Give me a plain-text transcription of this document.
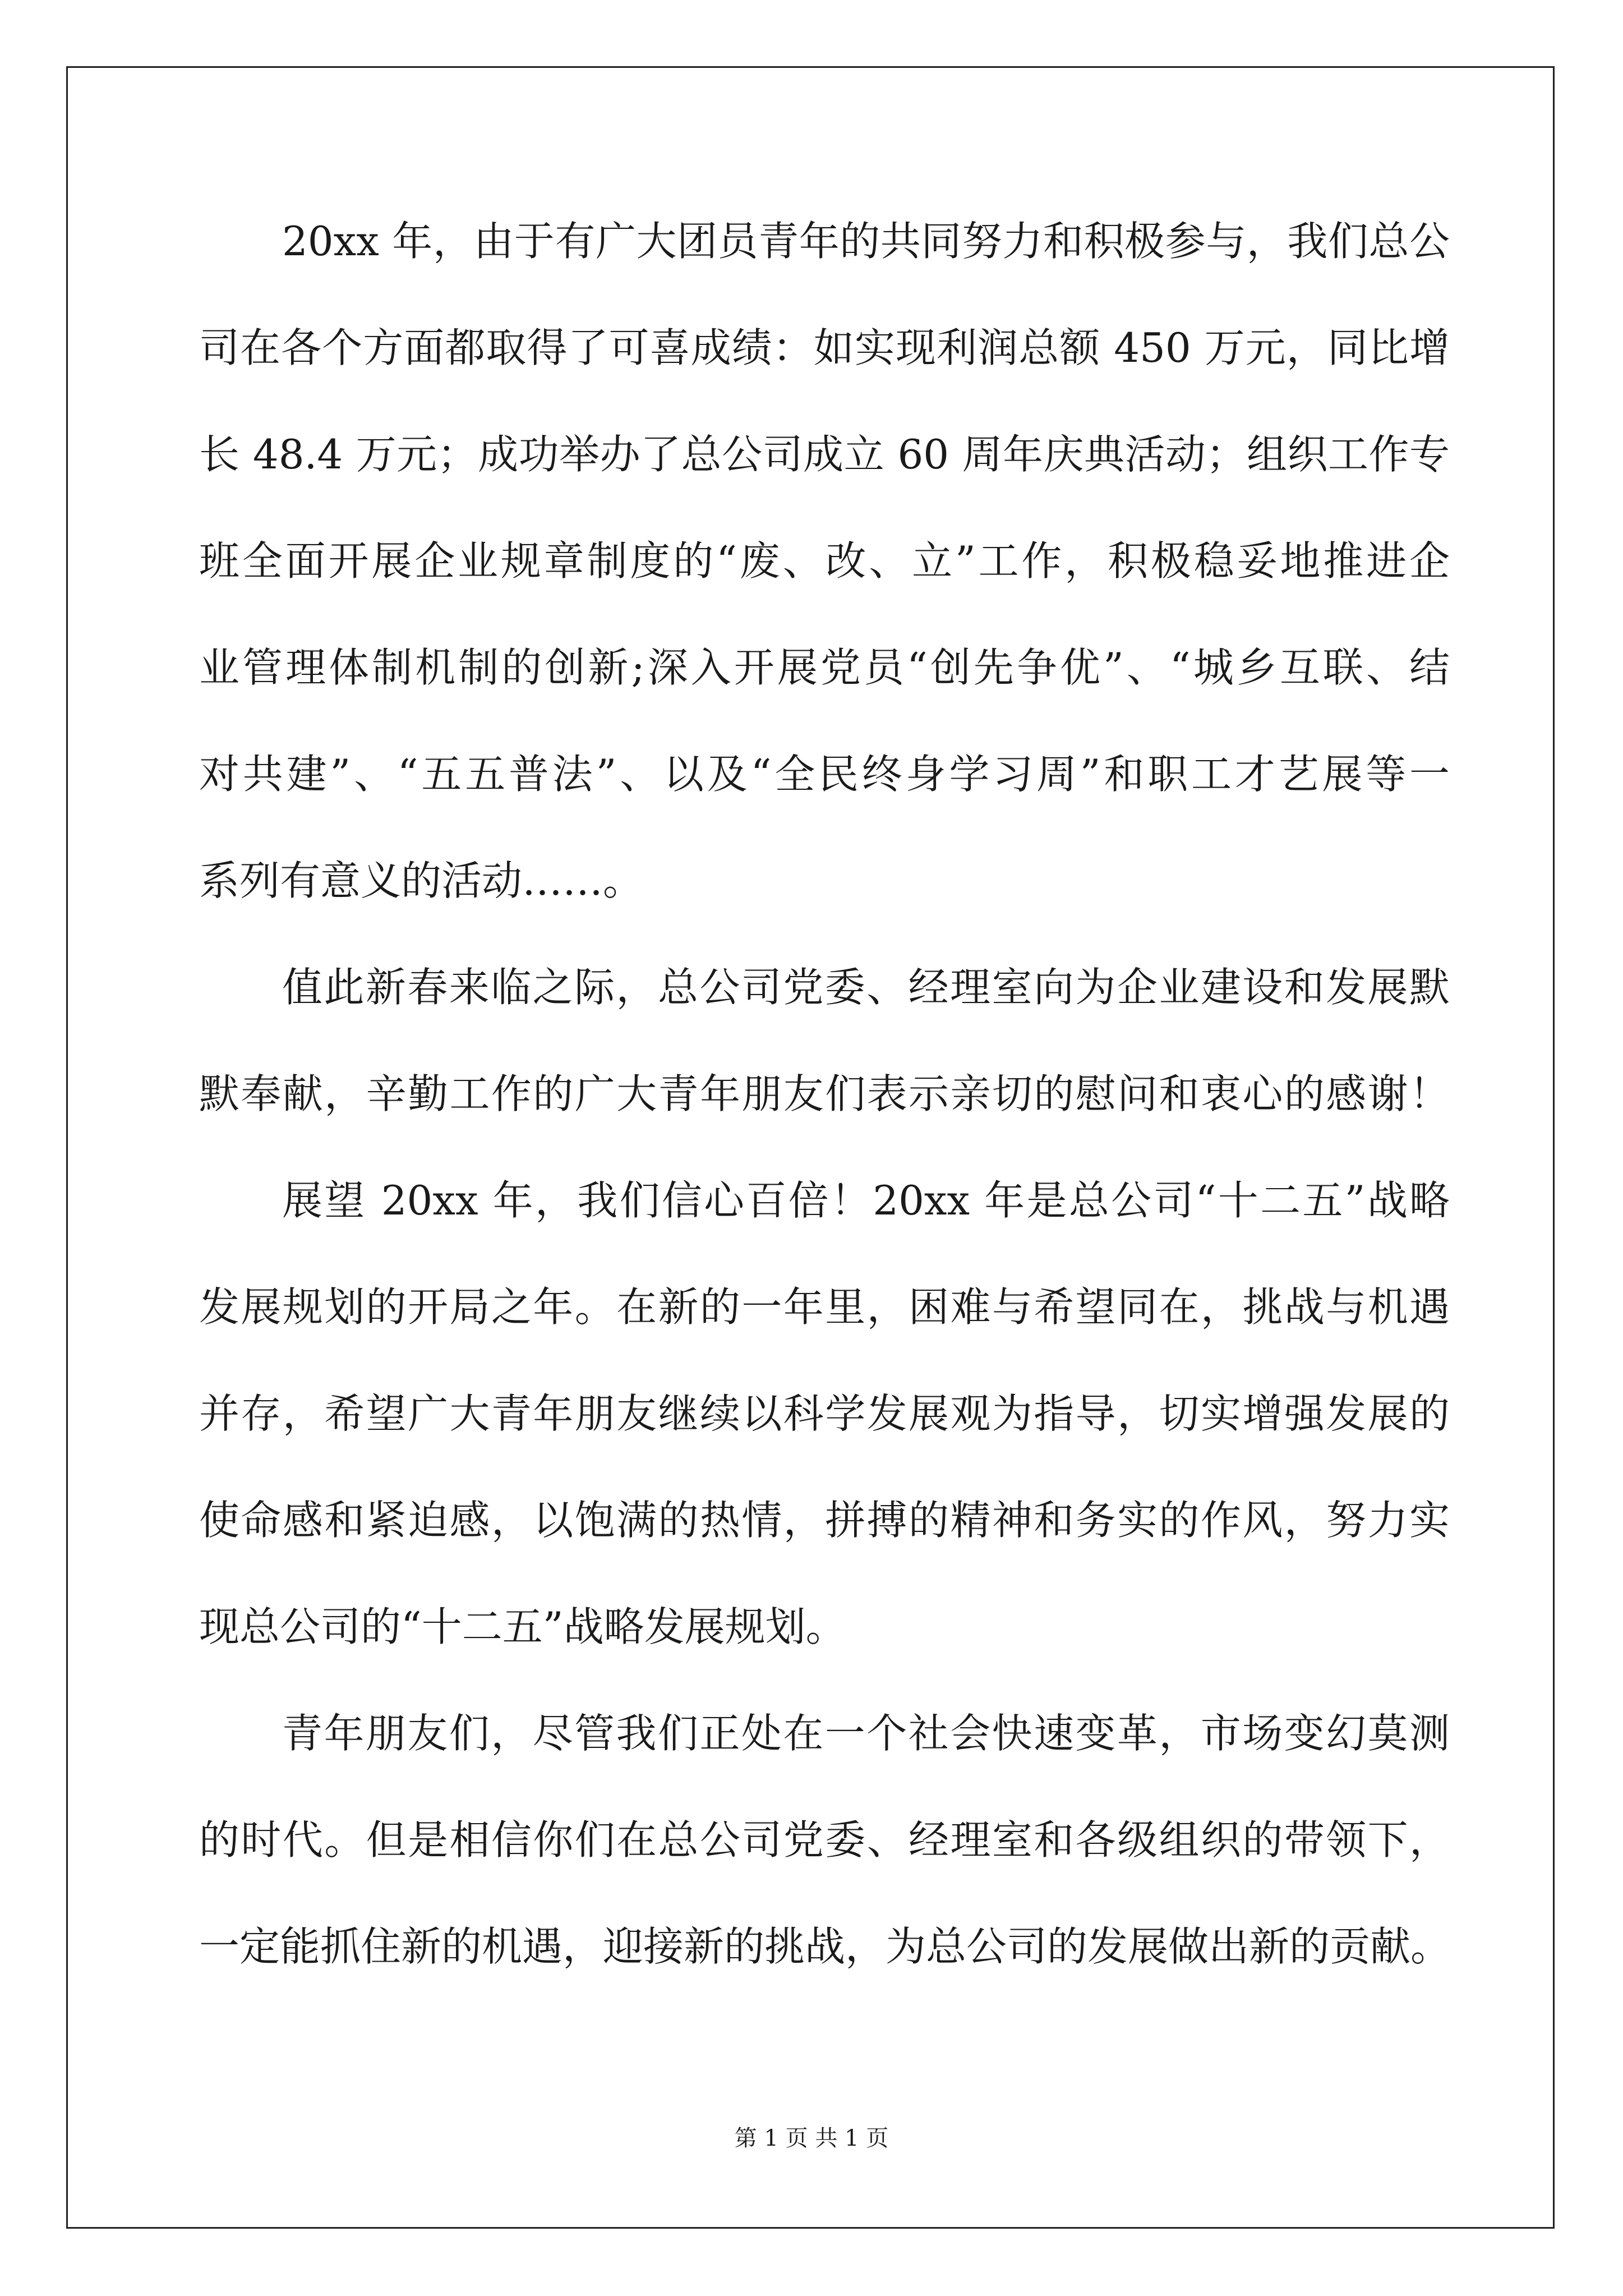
20xx 年，由于有广大团员青年的共同努力和积极参与，我们总公
司在各个方面都取得了可喜成绩：如实现利润总额 450 万元，同比增
长 48.4 万元；成功举办了总公司成立 60 周年庆典活动；组织工作专
班全面开展企业规章制度的“废、改、立”工作，积极稳妥地推进企
业管理体制机制的创新;深入开展党员“创先争优”、“城乡互联、结
对共建”、“五五普法”、以及“全民终身学习周”和职工才艺展等一
系列有意义的活动……。
值此新春来临之际，总公司党委、经理室向为企业建设和发展默
默奉献，辛勤工作的广大青年朋友们表示亲切的慰问和衷心的感谢！
展望 20xx 年，我们信心百倍！20xx 年是总公司“十二五”战略
发展规划的开局之年。在新的一年里，困难与希望同在，挑战与机遇
并存，希望广大青年朋友继续以科学发展观为指导，切实增强发展的
使命感和紧迫感，以饱满的热情，拼搏的精神和务实的作风，努力实
现总公司的“十二五”战略发展规划。
青年朋友们，尽管我们正处在一个社会快速变革，市场变幻莫测
的时代。但是相信你们在总公司党委、经理室和各级组织的带领下，
一定能抓住新的机遇，迎接新的挑战，为总公司的发展做出新的贡献。
第 1 页 共 1 页
